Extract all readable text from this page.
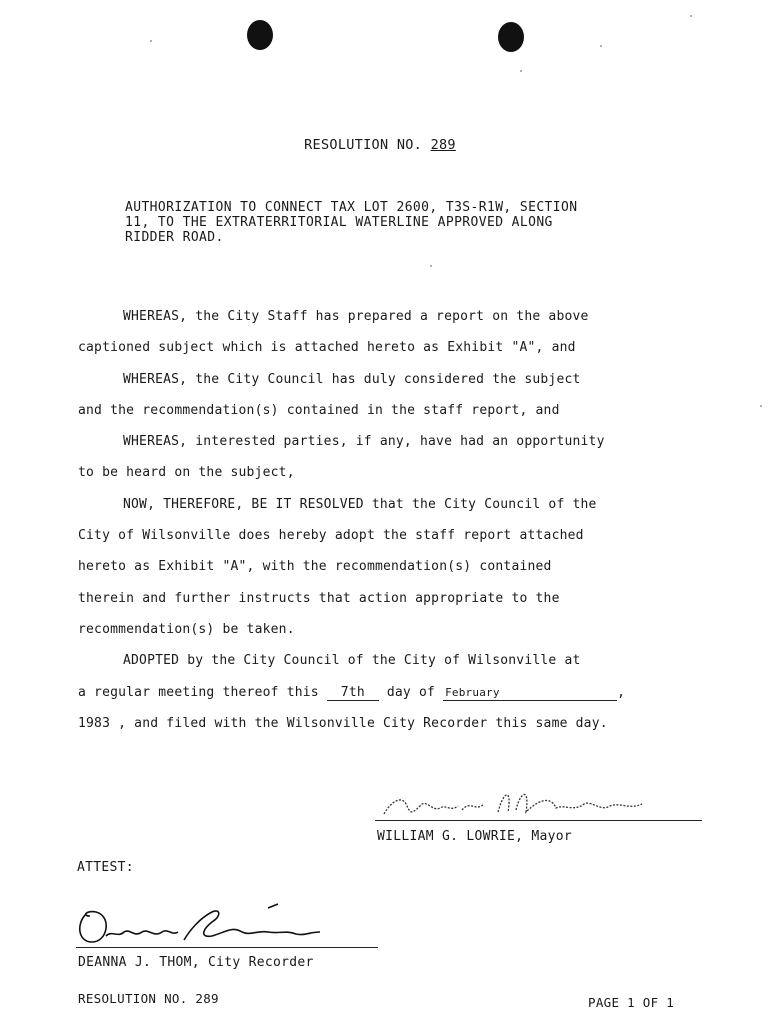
RESOLUTION NO. 289
AUTHORIZATION TO CONNECT TAX LOT 2600, T3S-R1W, SECTION
11, TO THE EXTRATERRITORIAL WATERLINE APPROVED ALONG
RIDDER ROAD.
WHEREAS, the City Staff has prepared a report on the above
captioned subject which is attached hereto as Exhibit "A", and
WHEREAS, the City Council has duly considered the subject
and the recommendation(s) contained in the staff report, and
WHEREAS, interested parties, if any, have had an opportunity
to be heard on the subject,
NOW, THEREFORE, BE IT RESOLVED that the City Council of the
City of Wilsonville does hereby adopt the staff report attached
hereto as Exhibit "A", with the recommendation(s) contained
therein and further instructs that action appropriate to the
recommendation(s) be taken.
ADOPTED by the City Council of the City of Wilsonville at
a regular meeting thereof this 7th day of February	,
1983 , and filed with the Wilsonville City Recorder this same day.
WILLIAM G. LOWRIE, Mayor
ATTEST:
DEANNA J. THOM, City Recorder
RESOLUTION NO. 289	PAGE 1 OF 1
